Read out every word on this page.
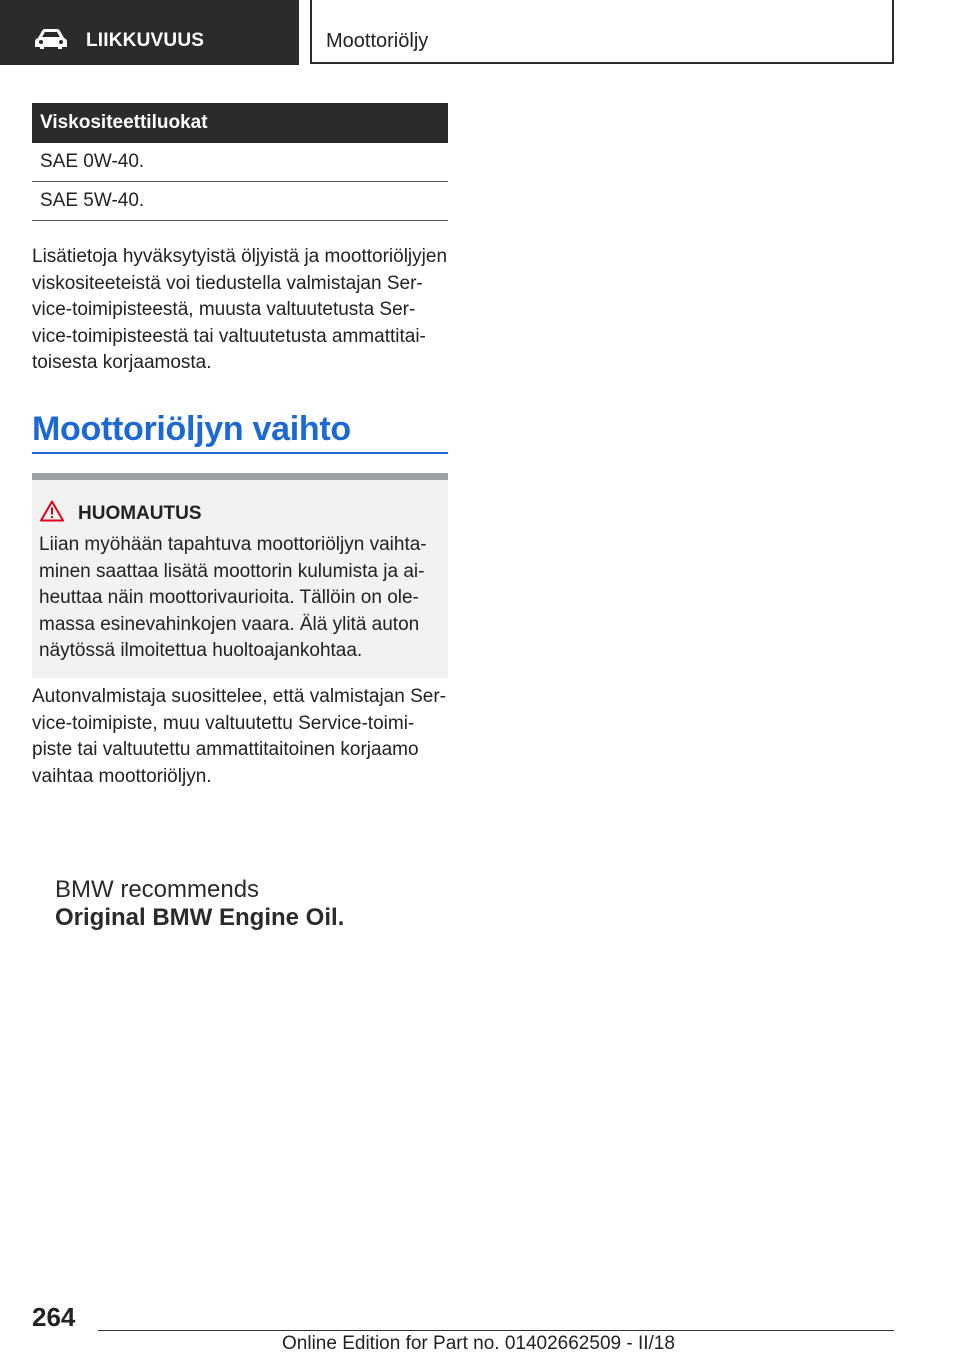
LIIKKUVUUS	Moottoriöljy
Viskositeettiluokat
SAE 0W-40.
SAE 5W-40.
Lisätietoja hyväksytyistä öljyistä ja moottoriöljyjen
viskositeeteistä voi tiedustella valmistajan Ser‐
vice-toimipisteestä, muusta valtuutetusta Ser‐
vice-toimipisteestä tai valtuutetusta ammattitai‐
toisesta korjaamosta.
Moottoriöljyn vaihto
HUOMAUTUS
Liian myöhään tapahtuva moottoriöljyn vaihta‐
minen saattaa lisätä moottorin kulumista ja ai‐
heuttaa näin moottorivaurioita. Tällöin on ole‐
massa esinevahinkojen vaara. Älä ylitä auton
näytössä ilmoitettua huoltoajankohtaa.
Autonvalmistaja suosittelee, että valmistajan Ser‐
vice-toimipiste, muu valtuutettu Service-toimi‐
piste tai valtuutettu ammattitaitoinen korjaamo
vaihtaa moottoriöljyn.
BMW recommends
Original BMW Engine Oil.
264
Online Edition for Part no. 01402662509 - II/18
